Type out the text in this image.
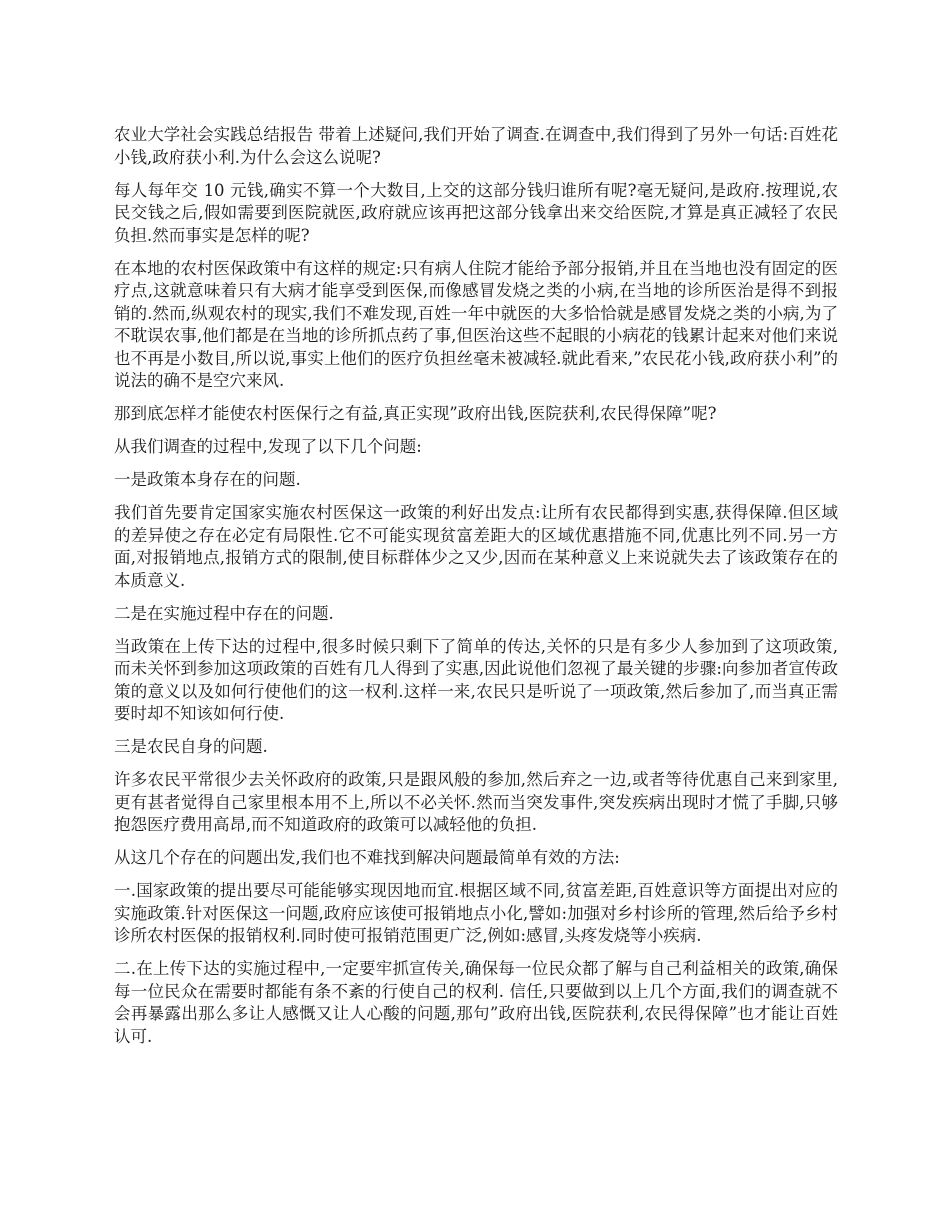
农业大学社会实践总结报告 带着上述疑问,我们开始了调查.在调查中,我们得到了另外一句话:百姓花小钱,政府获小利.为什么会这么说呢?

每人每年交 10 元钱,确实不算一个大数目,上交的这部分钱归谁所有呢?毫无疑问,是政府.按理说,农民交钱之后,假如需要到医院就医,政府就应该再把这部分钱拿出来交给医院,才算是真正减轻了农民负担.然而事实是怎样的呢?

在本地的农村医保政策中有这样的规定:只有病人住院才能给予部分报销,并且在当地也没有固定的医疗点,这就意味着只有大病才能享受到医保,而像感冒发烧之类的小病,在当地的诊所医治是得不到报销的.然而,纵观农村的现实,我们不难发现,百姓一年中就医的大多恰恰就是感冒发烧之类的小病,为了不耽误农事,他们都是在当地的诊所抓点药了事,但医治这些不起眼的小病花的钱累计起来对他们来说也不再是小数目,所以说,事实上他们的医疗负担丝毫未被减轻.就此看来,”农民花小钱,政府获小利”的说法的确不是空穴来风.

那到底怎样才能使农村医保行之有益,真正实现”政府出钱,医院获利,农民得保障”呢?

从我们调查的过程中,发现了以下几个问题:

一是政策本身存在的问题.

我们首先要肯定国家实施农村医保这一政策的利好出发点:让所有农民都得到实惠,获得保障.但区域的差异使之存在必定有局限性.它不可能实现贫富差距大的区域优惠措施不同,优惠比列不同.另一方面,对报销地点,报销方式的限制,使目标群体少之又少,因而在某种意义上来说就失去了该政策存在的本质意义.

二是在实施过程中存在的问题.

当政策在上传下达的过程中,很多时候只剩下了简单的传达,关怀的只是有多少人参加到了这项政策,而未关怀到参加这项政策的百姓有几人得到了实惠,因此说他们忽视了最关键的步骤:向参加者宣传政策的意义以及如何行使他们的这一权利.这样一来,农民只是听说了一项政策,然后参加了,而当真正需要时却不知该如何行使.

三是农民自身的问题.

许多农民平常很少去关怀政府的政策,只是跟风般的参加,然后弃之一边,或者等待优惠自己来到家里,更有甚者觉得自己家里根本用不上,所以不必关怀.然而当突发事件,突发疾病出现时才慌了手脚,只够抱怨医疗费用高昂,而不知道政府的政策可以减轻他的负担.

从这几个存在的问题出发,我们也不难找到解决问题最简单有效的方法:

一.国家政策的提出要尽可能能够实现因地而宜.根据区域不同,贫富差距,百姓意识等方面提出对应的实施政策.针对医保这一问题,政府应该使可报销地点小化,譬如:加强对乡村诊所的管理,然后给予乡村诊所农村医保的报销权利.同时使可报销范围更广泛,例如:感冒,头疼发烧等小疾病.

二.在上传下达的实施过程中,一定要牢抓宣传关,确保每一位民众都了解与自己利益相关的政策,确保每一位民众在需要时都能有条不紊的行使自己的权利. 信任,只要做到以上几个方面,我们的调查就不会再暴露出那么多让人感慨又让人心酸的问题,那句”政府出钱,医院获利,农民得保障”也才能让百姓认可.
